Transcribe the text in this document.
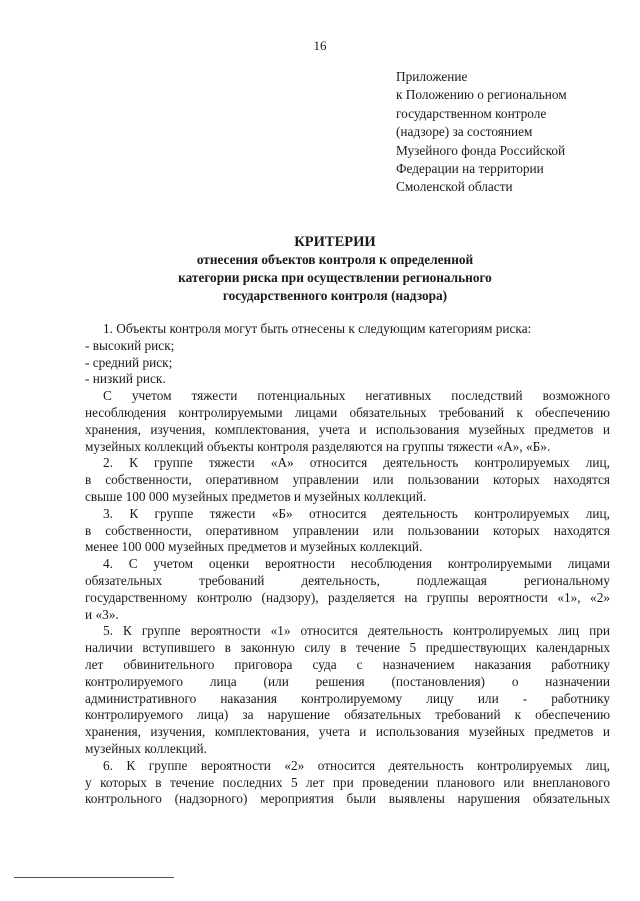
16
Приложение
к Положению о региональном
государственном контроле
(надзоре) за состоянием
Музейного фонда Российской
Федерации на территории
Смоленской области
КРИТЕРИИ
отнесения объектов контроля к определенной
категории риска при осуществлении регионального
государственного контроля (надзора)
1. Объекты контроля могут быть отнесены к следующим категориям риска:
- высокий риск;
- средний риск;
- низкий риск.
С учетом тяжести потенциальных негативных последствий возможного
несоблюдения контролируемыми лицами обязательных требований к обеспечению
хранения, изучения, комплектования, учета и использования музейных предметов и
музейных коллекций объекты контроля разделяются на группы тяжести «А», «Б».
2. К группе тяжести «А» относится деятельность контролируемых лиц,
в собственности, оперативном управлении или пользовании которых находятся
свыше 100 000 музейных предметов и музейных коллекций.
3. К группе тяжести «Б» относится деятельность контролируемых лиц,
в собственности, оперативном управлении или пользовании которых находятся
менее 100 000 музейных предметов и музейных коллекций.
4. С учетом оценки вероятности несоблюдения контролируемыми лицами
обязательных требований деятельность, подлежащая региональному
государственному контролю (надзору), разделяется на группы вероятности «1», «2»
и «3».
5. К группе вероятности «1» относится деятельность контролируемых лиц при
наличии вступившего в законную силу в течение 5 предшествующих календарных
лет обвинительного приговора суда с назначением наказания работнику
контролируемого лица (или решения (постановления) о назначении
административного наказания контролируемому лицу или - работнику
контролируемого лица) за нарушение обязательных требований к обеспечению
хранения, изучения, комплектования, учета и использования музейных предметов и
музейных коллекций.
6. К группе вероятности «2» относится деятельность контролируемых лиц,
у которых в течение последних 5 лет при проведении планового или внепланового
контрольного (надзорного) мероприятия были выявлены нарушения обязательных
